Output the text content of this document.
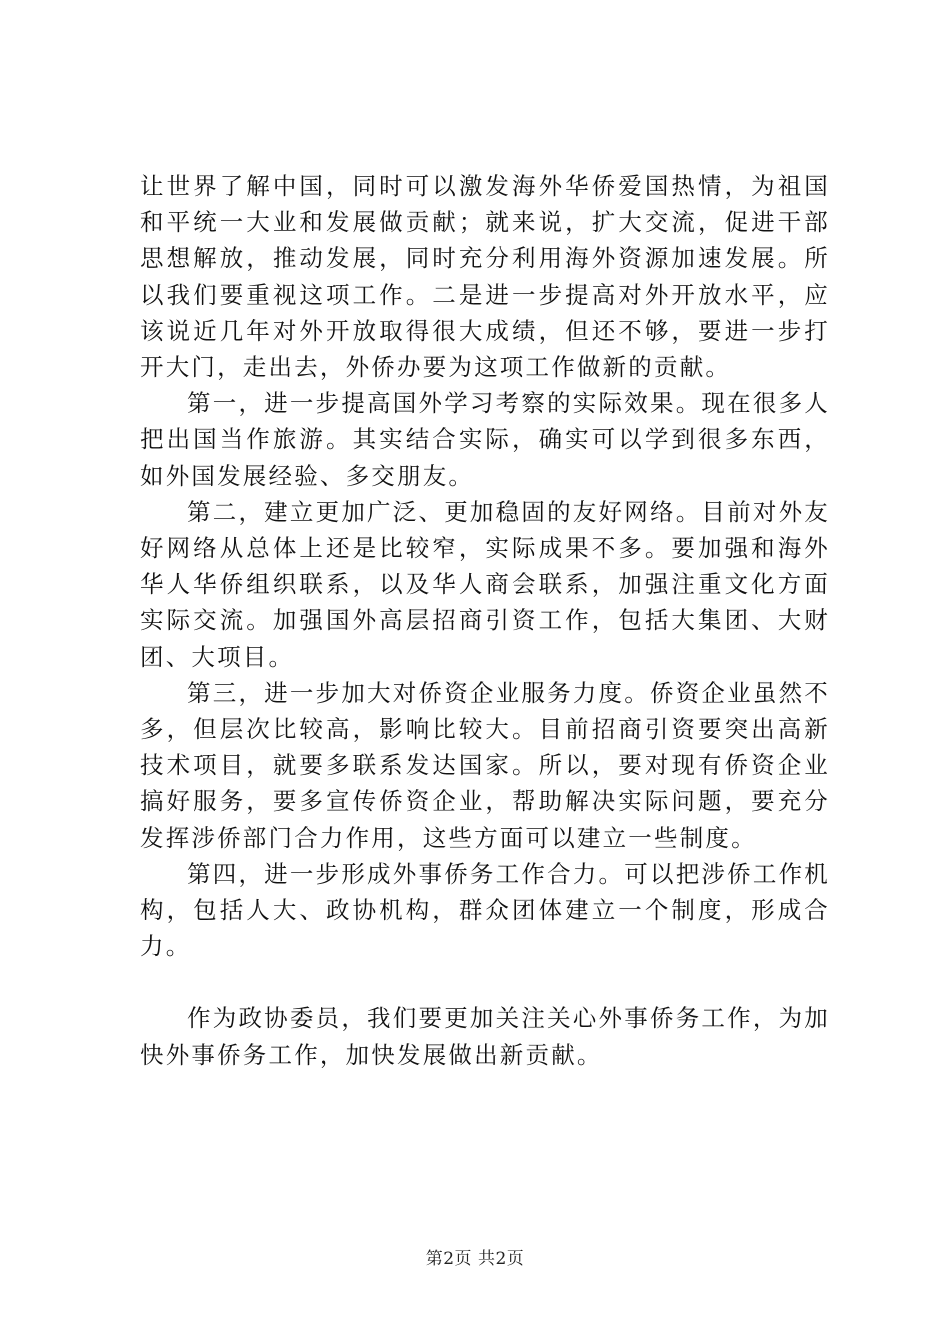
让世界了解中国，同时可以激发海外华侨爱国热情，为祖国和平统一大业和发展做贡献；就来说，扩大交流，促进干部思想解放，推动发展，同时充分利用海外资源加速发展。所以我们要重视这项工作。二是进一步提高对外开放水平，应该说近几年对外开放取得很大成绩，但还不够，要进一步打开大门，走出去，外侨办要为这项工作做新的贡献。

第一，进一步提高国外学习考察的实际效果。现在很多人把出国当作旅游。其实结合实际，确实可以学到很多东西，如外国发展经验、多交朋友。

第二，建立更加广泛、更加稳固的友好网络。目前对外友好网络从总体上还是比较窄，实际成果不多。要加强和海外华人华侨组织联系，以及华人商会联系，加强注重文化方面实际交流。加强国外高层招商引资工作，包括大集团、大财团、大项目。

第三，进一步加大对侨资企业服务力度。侨资企业虽然不多，但层次比较高，影响比较大。目前招商引资要突出高新技术项目，就要多联系发达国家。所以，要对现有侨资企业搞好服务，要多宣传侨资企业，帮助解决实际问题，要充分发挥涉侨部门合力作用，这些方面可以建立一些制度。

第四，进一步形成外事侨务工作合力。可以把涉侨工作机构，包括人大、政协机构，群众团体建立一个制度，形成合力。

作为政协委员，我们要更加关注关心外事侨务工作，为加快外事侨务工作，加快发展做出新贡献。

第2页 共2页
